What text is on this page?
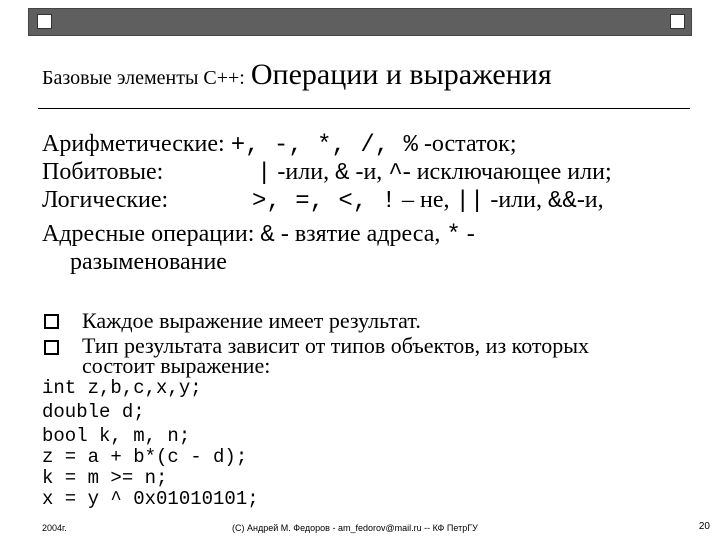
Базовые элементы C++: Операции и выражения
Арифметические: +, -, *, /, % -остаток;
Побитовые:	| -или, & -и, ^- исключающее или;
Логические:	>, =, <, ! – не, || -или, &&-и,
Адресные операции: & - взятие адреса, * -
разыменование
Каждое выражение имеет результат.
Тип результата зависит от типов объектов, из которых
состоит выражение:
int z,b,c,x,y;
double d;
bool k, m, n;
z = a + b*(c - d);
k = m >= n;
x = y ^ 0x01010101;
2004г.	(C) Андрей М. Федоров - am_fedorov@mail.ru -- КФ ПетрГУ	20
